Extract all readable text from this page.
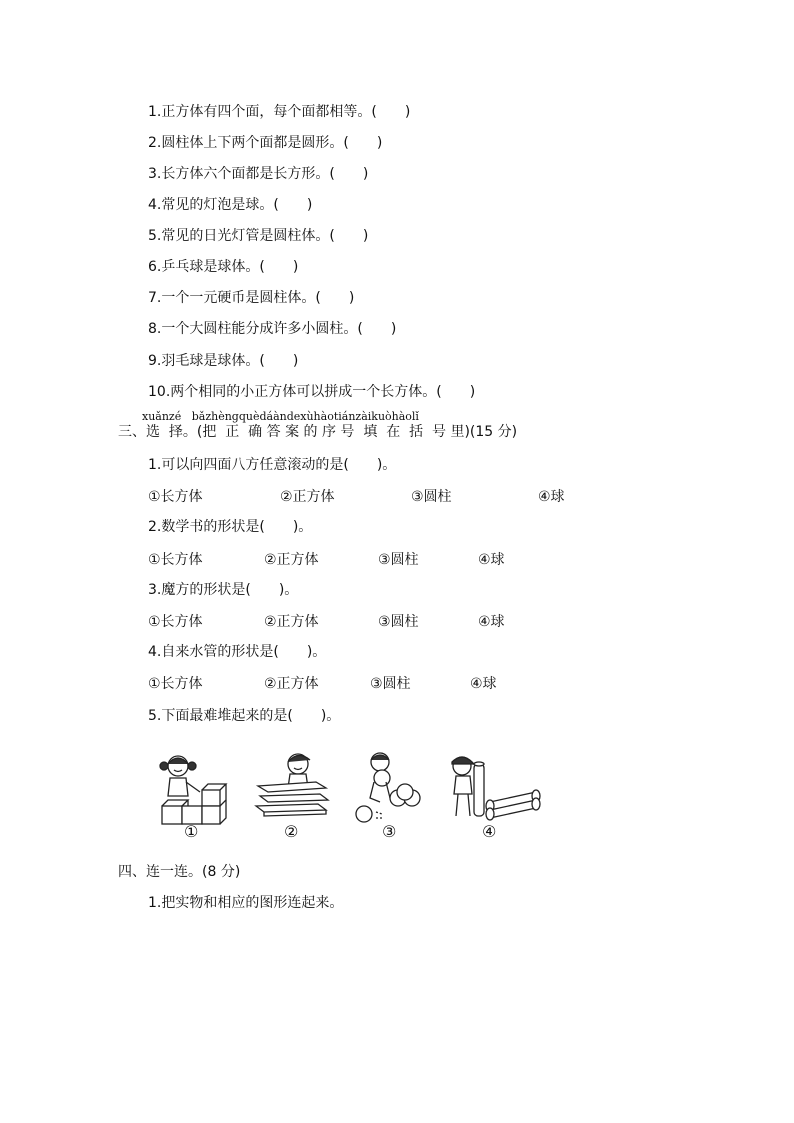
1.正方体有四个面，每个面都相等。(　　)
2.圆柱体上下两个面都是圆形。(　　)
3.长方体六个面都是长方形。(　　)
4.常见的灯泡是球。(　　)
5.常见的日光灯管是圆柱体。(　　)
6.乒乓球是球体。(　　)
7.一个一元硬币是圆柱体。(　　)
8.一个大圆柱能分成许多小圆柱。(　　)
9.羽毛球是球体。(　　)
10.两个相同的小正方体可以拼成一个长方体。(　　)
xuǎnzé   bǎzhèngquèdáàndexùhàotiánzàikuòhàolǐ
三、选  择。(把  正  确 答 案 的 序 号  填  在  括  号 里)(15 分)
1.可以向四面八方任意滚动的是(　　)。
①长方体	②正方体	③圆柱	④球
2.数学书的形状是(　　)。
①长方体	②正方体	③圆柱	④球
3.魔方的形状是(　　)。
①长方体	②正方体	③圆柱	④球
4.自来水管的形状是(　　)。
①长方体	②正方体	③圆柱	④球
5.下面最难堆起来的是(　　)。
①	②	③	④
四、连一连。(8 分)
1.把实物和相应的图形连起来。
